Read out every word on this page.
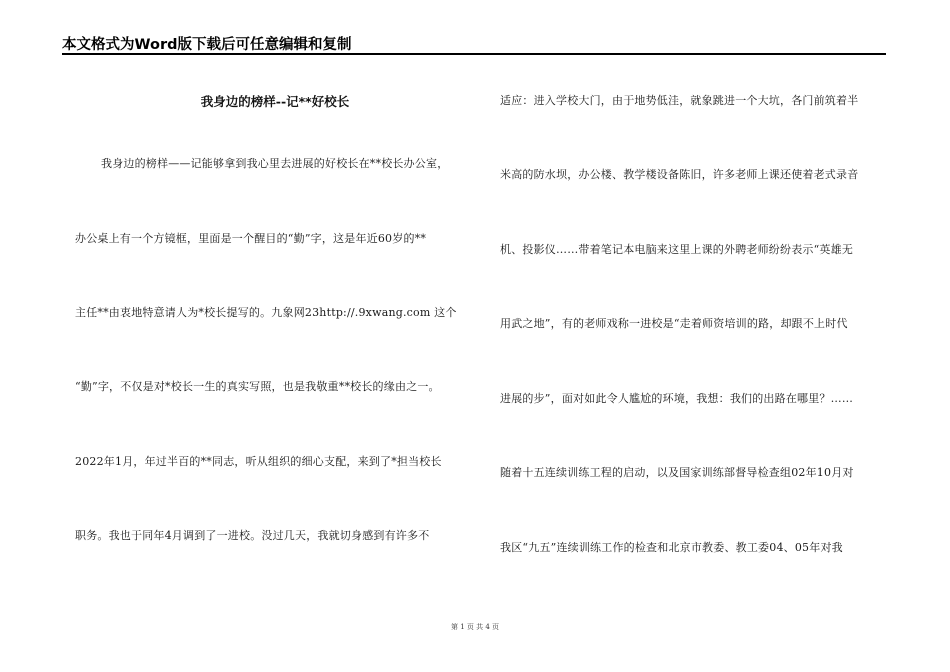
本文格式为Word版下载后可任意编辑和复制
我身边的榜样--记**好校长
我身边的榜样——记能够拿到我心里去进展的好校长在**校长办公室，
办公桌上有一个方镜框，里面是一个醒目的“勤”字，这是年近60岁的**
主任**由衷地特意请人为*校长提写的。九象网23http://.9xwang.com 这个
“勤”字，不仅是对*校长一生的真实写照，也是我敬重**校长的缘由之一。
2022年1月，年过半百的**同志，听从组织的细心支配，来到了*担当校长
职务。我也于同年4月调到了一进校。没过几天，我就切身感到有许多不
适应：进入学校大门，由于地势低洼，就象跳进一个大坑，各门前筑着半
米高的防水坝，办公楼、教学楼设备陈旧，许多老师上课还使着老式录音
机、投影仪……带着笔记本电脑来这里上课的外聘老师纷纷表示“英雄无
用武之地”，有的老师戏称一进校是“走着师资培训的路，却跟不上时代
进展的步”，面对如此令人尴尬的环境，我想：我们的出路在哪里？……
随着十五连续训练工程的启动，以及国家训练部督导检查组02年10月对
我区“九五”连续训练工作的检查和北京市教委、教工委04、05年对我
第 1 页 共 4 页
